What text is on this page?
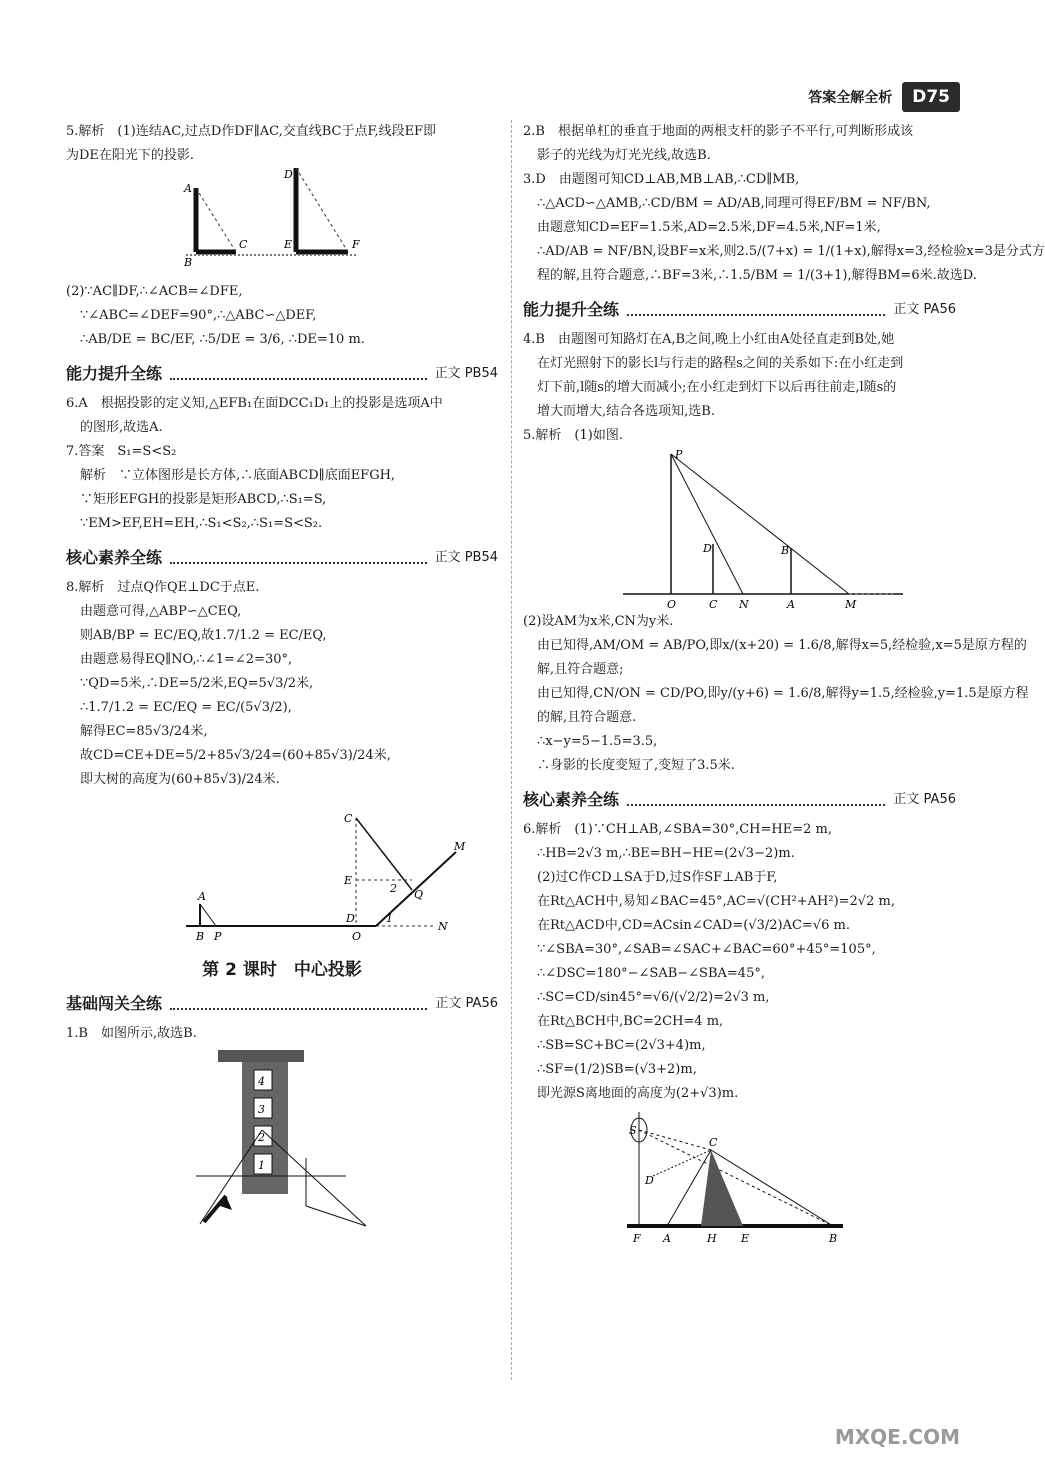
答案全解全析	D75
5.解析　(1)连结AC,过点D作DF∥AC,交直线BC于点F,线段EF即
为DE在阳光下的投影.
A
B
C
D
E	F
(2)∵AC∥DF,∴∠ACB=∠DFE,
∵∠ABC=∠DEF=90°,∴△ABC∽△DEF,
∴AB/DE = BC/EF, ∴5/DE = 3/6, ∴DE=10 m.
能力提升全练	正文 PB54
6.A　根据投影的定义知,△EFB₁在面DCC₁D₁上的投影是选项A中
的图形,故选A.
7.答案　S₁=S<S₂
解析　∵立体图形是长方体,∴底面ABCD∥底面EFGH,
∵矩形EFGH的投影是矩形ABCD,∴S₁=S,
∵EM>EF,EH=EH,∴S₁<S₂,∴S₁=S<S₂.
核心素养全练	正文 PB54
8.解析　过点Q作QE⊥DC于点E.
由题意可得,△ABP∽△CEQ,
则AB/BP = EC/EQ,故1.7/1.2 = EC/EQ,
由题意易得EQ∥NO,∴∠1=∠2=30°,
∵QD=5米,∴DE=5/2米,EQ=5√3/2米,
∴1.7/1.2 = EC/EQ = EC/(5√3/2),
解得EC=85√3/24米,
故CD=CE+DE=5/2+85√3/24=(60+85√3)/24米,
即大树的高度为(60+85√3)/24米.
C
M
E
Q
2
A
B P
D
O
1
N
第 2 课时　中心投影
基础闯关全练	正文 PA56
1.B　如图所示,故选B.
4
3
2
1
2.B　根据单杠的垂直于地面的两根支杆的影子不平行,可判断形成该
影子的光线为灯光光线,故选B.
3.D　由题图可知CD⊥AB,MB⊥AB,∴CD∥MB,
∴△ACD∽△AMB,∴CD/BM = AD/AB,同理可得EF/BM = NF/BN,
由题意知CD=EF=1.5米,AD=2.5米,DF=4.5米,NF=1米,
∴AD/AB = NF/BN,设BF=x米,则2.5/(7+x) = 1/(1+x),解得x=3,经检验x=3是分式方
程的解,且符合题意,∴BF=3米,∴1.5/BM = 1/(3+1),解得BM=6米.故选D.
能力提升全练	正文 PA56
4.B　由题图可知路灯在A,B之间,晚上小红由A处径直走到B处,她
在灯光照射下的影长l与行走的路程s之间的关系如下:在小红走到
灯下前,l随s的增大而减小;在小红走到灯下以后再往前走,l随s的
增大而增大,结合各选项知,选B.
5.解析　(1)如图.
P
D	B
O	C N	A	M
(2)设AM为x米,CN为y米.
由已知得,AM/OM = AB/PO,即x/(x+20) = 1.6/8,解得x=5,经检验,x=5是原方程的
解,且符合题意;
由已知得,CN/ON = CD/PO,即y/(y+6) = 1.6/8,解得y=1.5,经检验,y=1.5是原方程
的解,且符合题意.
∴x−y=5−1.5=3.5,
∴身影的长度变短了,变短了3.5米.
核心素养全练	正文 PA56
6.解析　(1)∵CH⊥AB,∠SBA=30°,CH=HE=2 m,
∴HB=2√3 m,∴BE=BH−HE=(2√3−2)m.
(2)过C作CD⊥SA于D,过S作SF⊥AB于F,
在Rt△ACH中,易知∠BAC=45°,AC=√(CH²+AH²)=2√2 m,
在Rt△ACD中,CD=ACsin∠CAD=(√3/2)AC=√6 m.
∵∠SBA=30°,∠SAB=∠SAC+∠BAC=60°+45°=105°,
∴∠DSC=180°−∠SAB−∠SBA=45°,
∴SC=CD/sin45°=√6/(√2/2)=2√3 m,
在Rt△BCH中,BC=2CH=4 m,
∴SB=SC+BC=(2√3+4)m,
∴SF=(1/2)SB=(√3+2)m,
即光源S离地面的高度为(2+√3)m.
S
C
D
F A	H E	B
MXQE.COM
